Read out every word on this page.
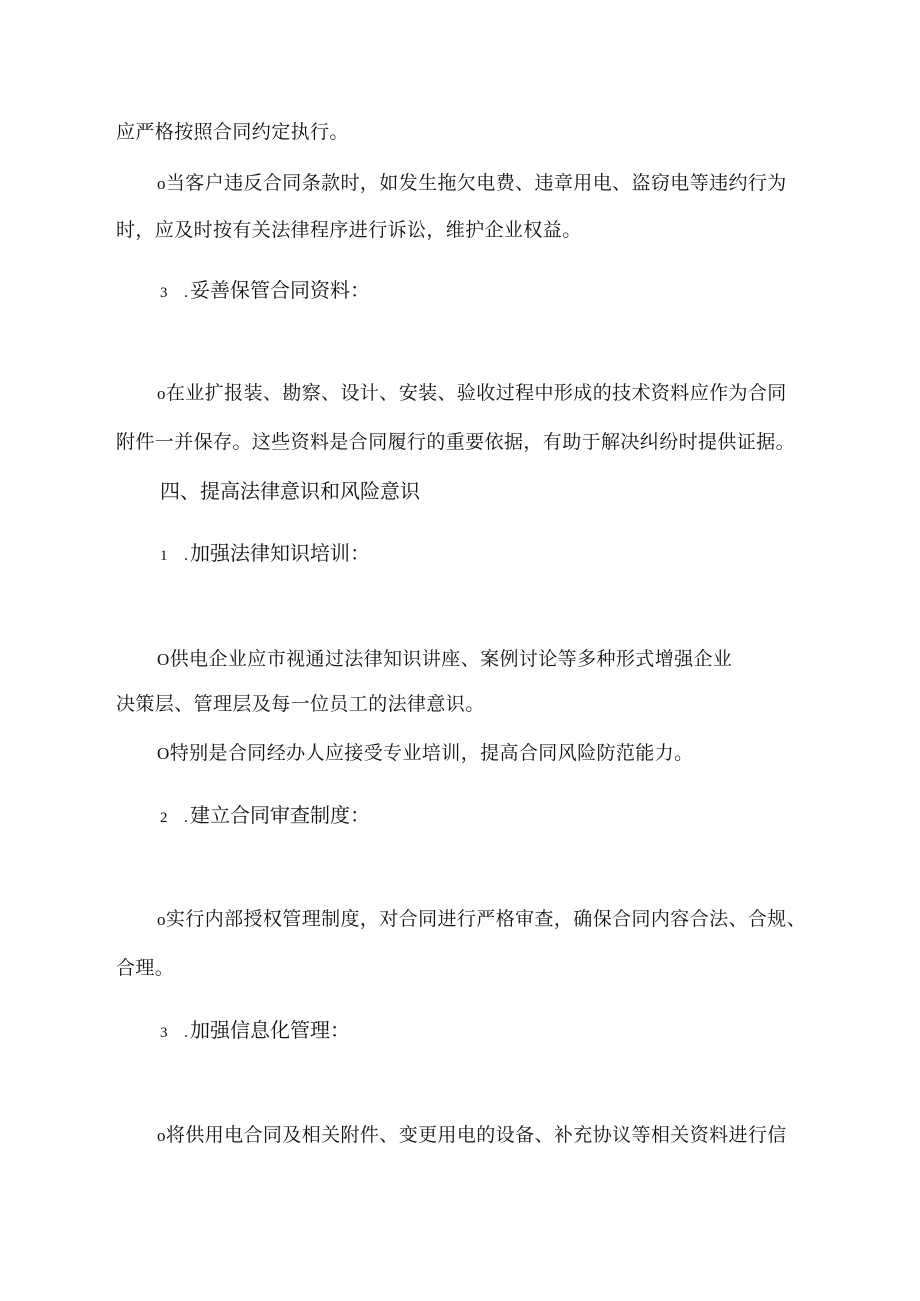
应严格按照合同约定执行。
o当客户违反合同条款时，如发生拖欠电费、违章用电、盗窃电等违约行为
时，应及时按有关法律程序进行诉讼，维护企业权益。
3 . 妥善保管合同资料：
o在业扩报装、勘察、设计、安装、验收过程中形成的技术资料应作为合同
附件一并保存。这些资料是合同履行的重要依据，有助于解决纠纷时提供证据。
四、提高法律意识和风险意识
1 . 加强法律知识培训：
O供电企业应市视通过法律知识讲座、案例讨论等多种形式增强企业
决策层、管理层及每一位员工的法律意识。
O特别是合同经办人应接受专业培训，提高合同风险防范能力。
2 . 建立合同审查制度：
o实行内部授权管理制度，对合同进行严格审查，确保合同内容合法、合规、
合理。
3 . 加强信息化管理：
o将供用电合同及相关附件、变更用电的设备、补充协议等相关资料进行信
